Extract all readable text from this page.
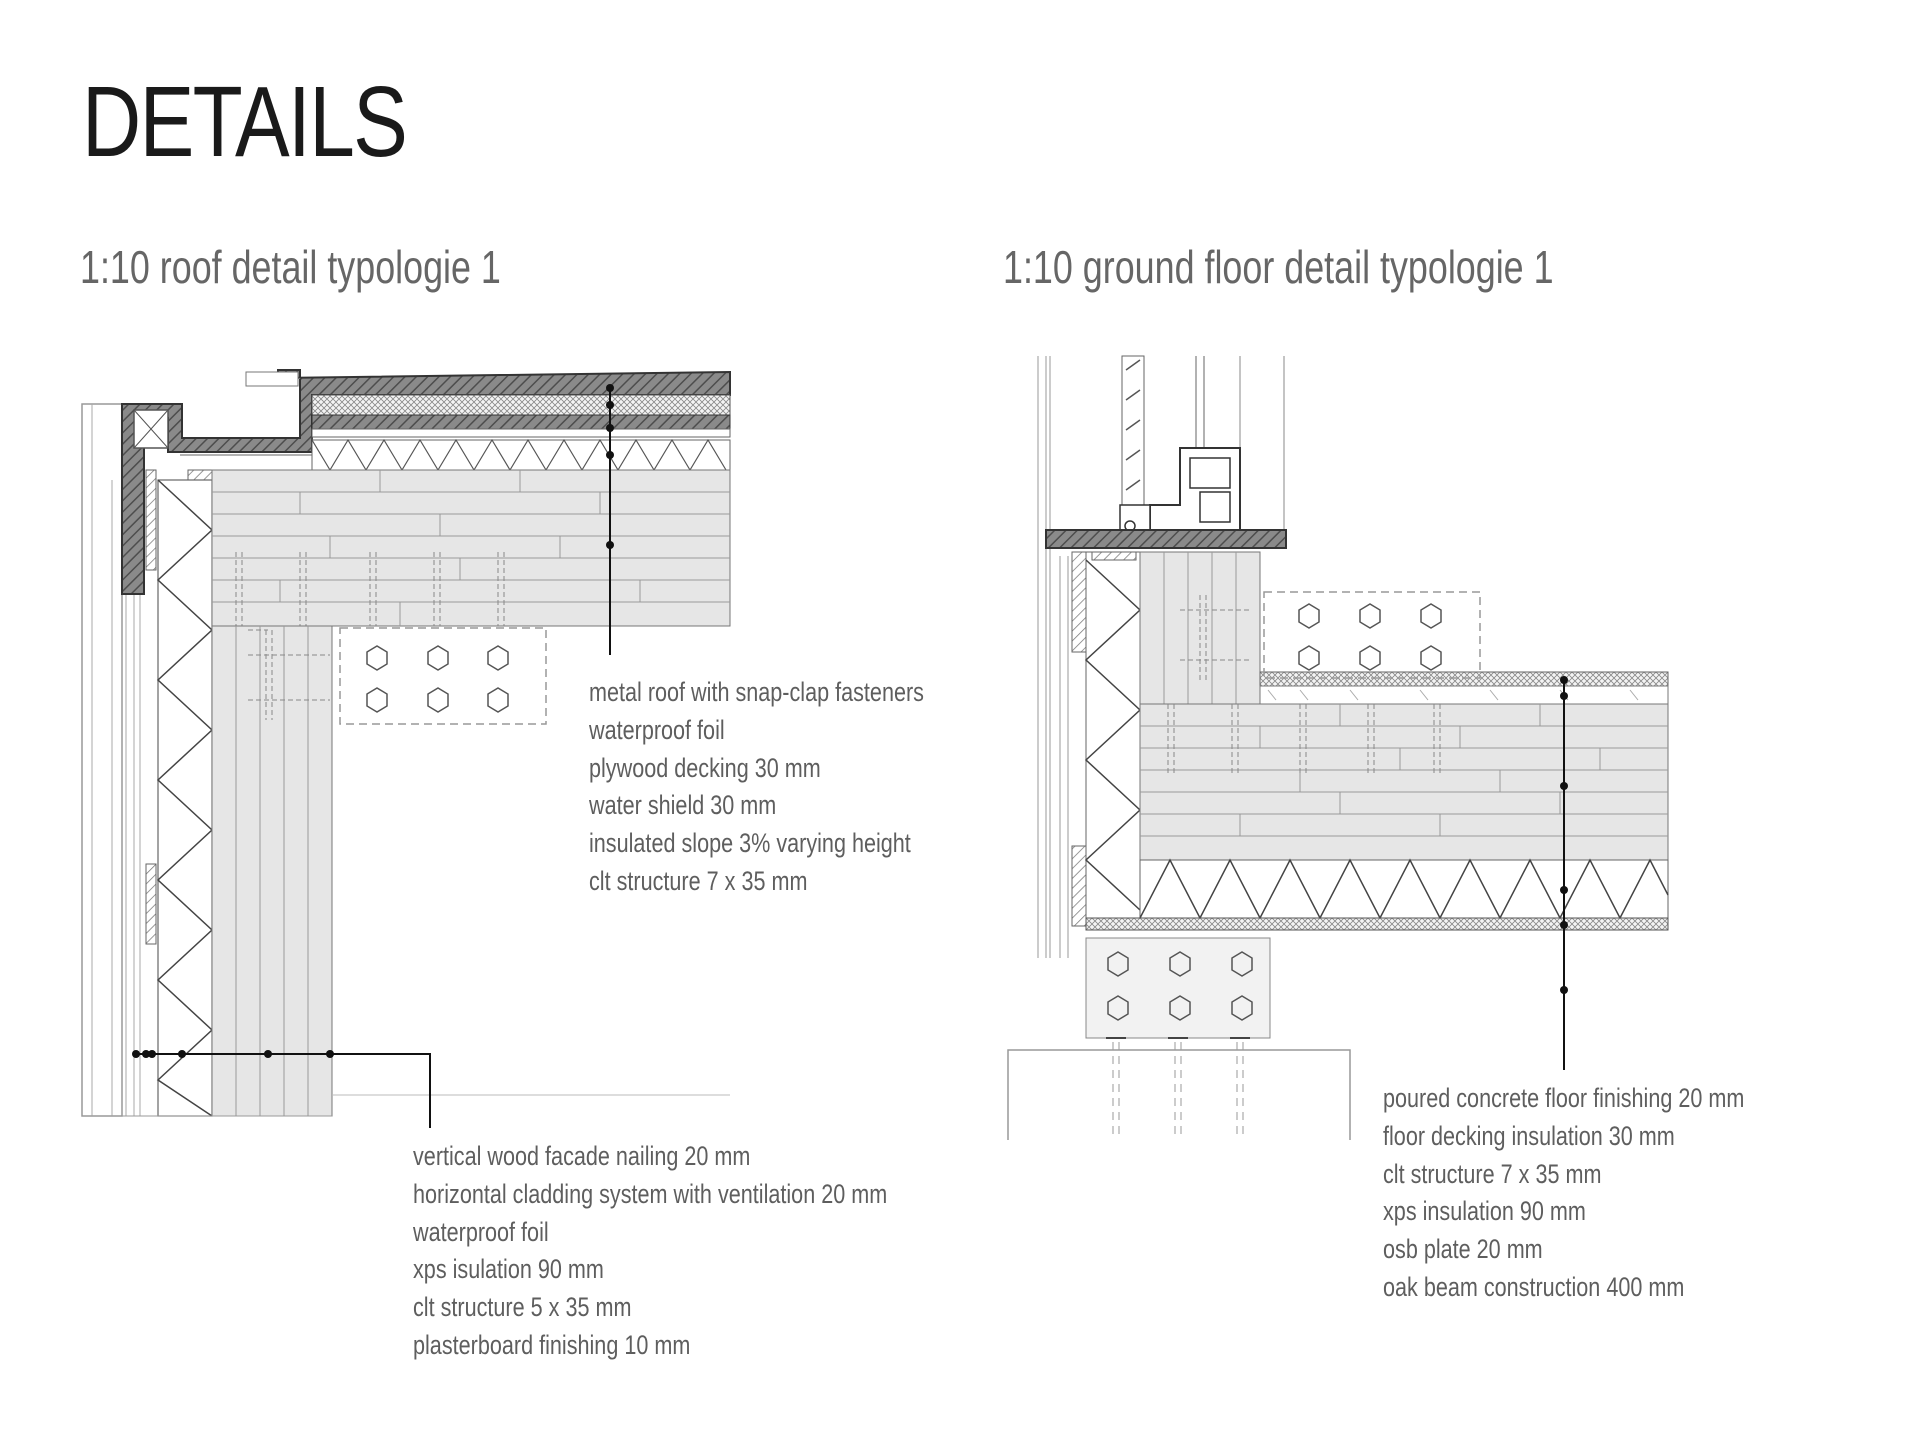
DETAILS
1:10 roof detail typologie 1	1:10 ground floor detail typologie 1
metal roof with snap-clap fasteners
waterproof foil
plywood decking 30 mm
water shield 30 mm
insulated slope 3% varying height
clt structure 7 x 35 mm
vertical wood facade nailing 20 mm
horizontal cladding system with ventilation 20 mm
waterproof foil
xps isulation 90 mm
clt structure 5 x 35 mm
plasterboard finishing 10 mm
poured concrete floor finishing 20 mm
floor decking insulation 30 mm
clt structure 7 x 35 mm
xps insulation 90 mm
osb plate 20 mm
oak beam construction 400 mm
